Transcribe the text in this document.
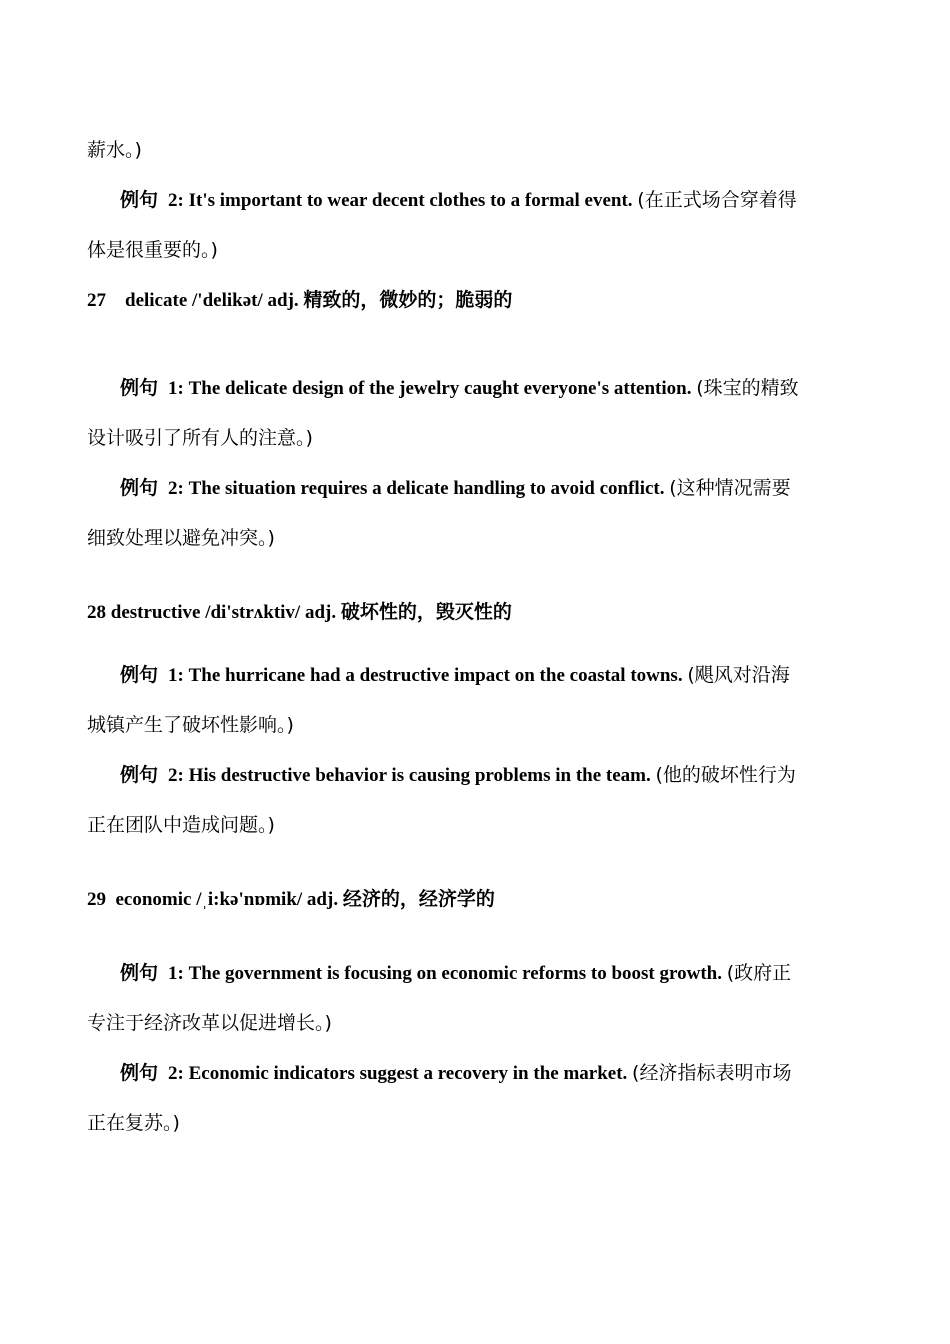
薪水。)
例句 2: It's important to wear decent clothes to a formal event. (在正式场合穿着得
体是很重要的。)
27 delicate /'delikət/ adj. 精致的，微妙的；脆弱的
例句 1: The delicate design of the jewelry caught everyone's attention. (珠宝的精致
设计吸引了所有人的注意。)
例句 2: The situation requires a delicate handling to avoid conflict. (这种情况需要
细致处理以避免冲突。)
28 destructive /di'strʌktiv/ adj. 破坏性的，毁灭性的
例句 1: The hurricane had a destructive impact on the coastal towns. (飓风对沿海
城镇产生了破坏性影响。)
例句 2: His destructive behavior is causing problems in the team. (他的破坏性行为
正在团队中造成问题。)
29 economic /ˌi:kə'nɒmik/ adj. 经济的，经济学的
例句 1: The government is focusing on economic reforms to boost growth. (政府正
专注于经济改革以促进增长。)
例句 2: Economic indicators suggest a recovery in the market. (经济指标表明市场
正在复苏。)
